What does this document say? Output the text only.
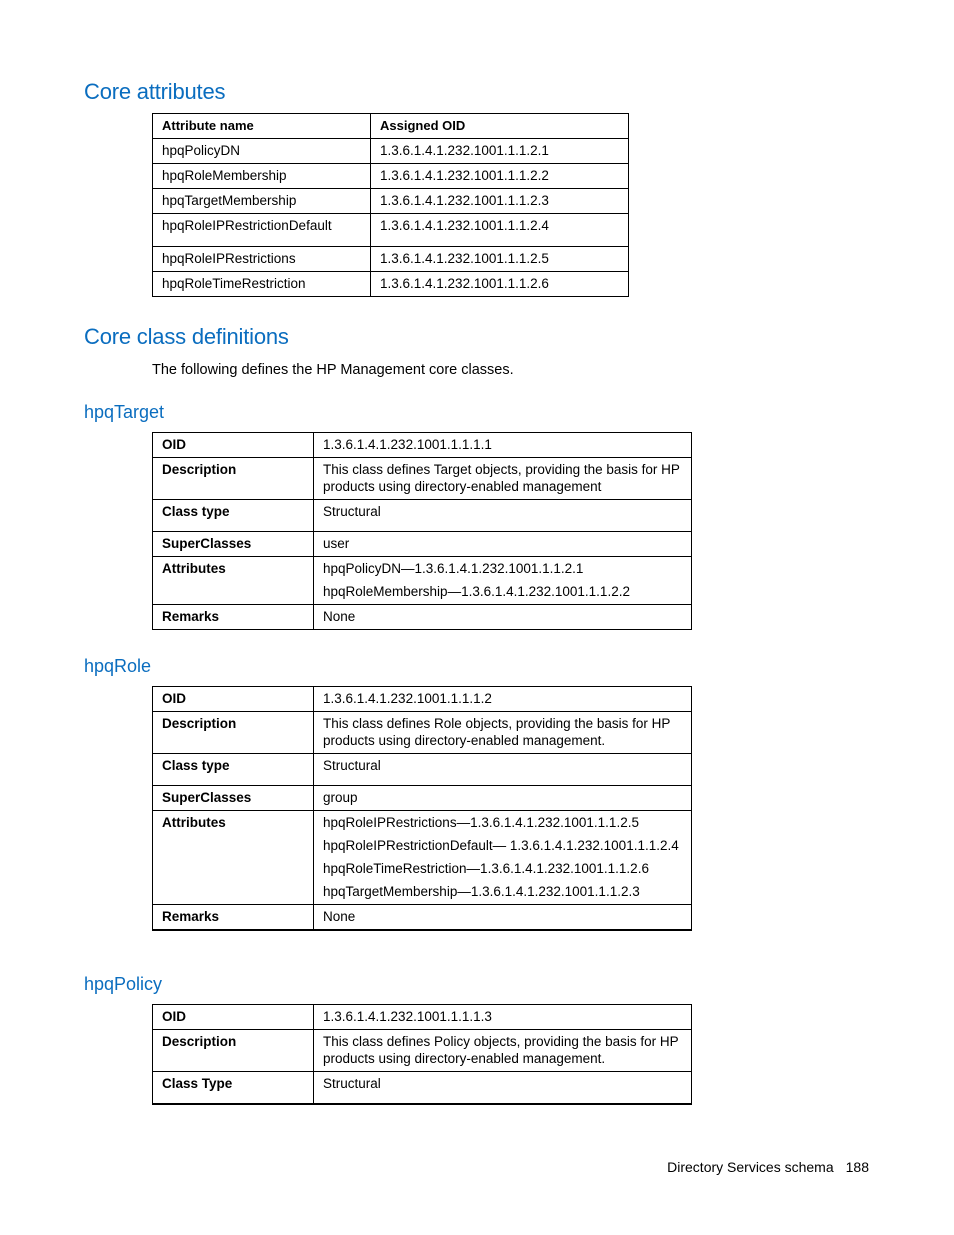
Core attributes
Attribute name	Assigned OID
hpqPolicyDN	1.3.6.1.4.1.232.1001.1.1.2.1
hpqRoleMembership	1.3.6.1.4.1.232.1001.1.1.2.2
hpqTargetMembership	1.3.6.1.4.1.232.1001.1.1.2.3
hpqRoleIPRestrictionDefault	1.3.6.1.4.1.232.1001.1.1.2.4
hpqRoleIPRestrictions	1.3.6.1.4.1.232.1001.1.1.2.5
hpqRoleTimeRestriction	1.3.6.1.4.1.232.1001.1.1.2.6
Core class definitions

The following defines the HP Management core classes.

hpqTarget
OID	1.3.6.1.4.1.232.1001.1.1.1.1
Description	This class defines Target objects, providing the basis for HP products using directory-enabled management
Class type	Structural
SuperClasses	user
Attributes	hpqPolicyDN—1.3.6.1.4.1.232.1001.1.1.2.1
hpqRoleMembership—1.3.6.1.4.1.232.1001.1.1.2.2

Remarks	None
hpqRole
OID	1.3.6.1.4.1.232.1001.1.1.1.2
Description	This class defines Role objects, providing the basis for HP products using directory-enabled management.
Class type	Structural
SuperClasses	group
Attributes	hpqRoleIPRestrictions—1.3.6.1.4.1.232.1001.1.1.2.5
hpqRoleIPRestrictionDefault— 1.3.6.1.4.1.232.1001.1.1.2.4
hpqRoleTimeRestriction—1.3.6.1.4.1.232.1001.1.1.2.6
hpqTargetMembership—1.3.6.1.4.1.232.1001.1.1.2.3

Remarks	None
hpqPolicy
OID	1.3.6.1.4.1.232.1001.1.1.1.3
Description	This class defines Policy objects, providing the basis for HP products using directory-enabled management.
Class Type	Structural
Directory Services schema 188
